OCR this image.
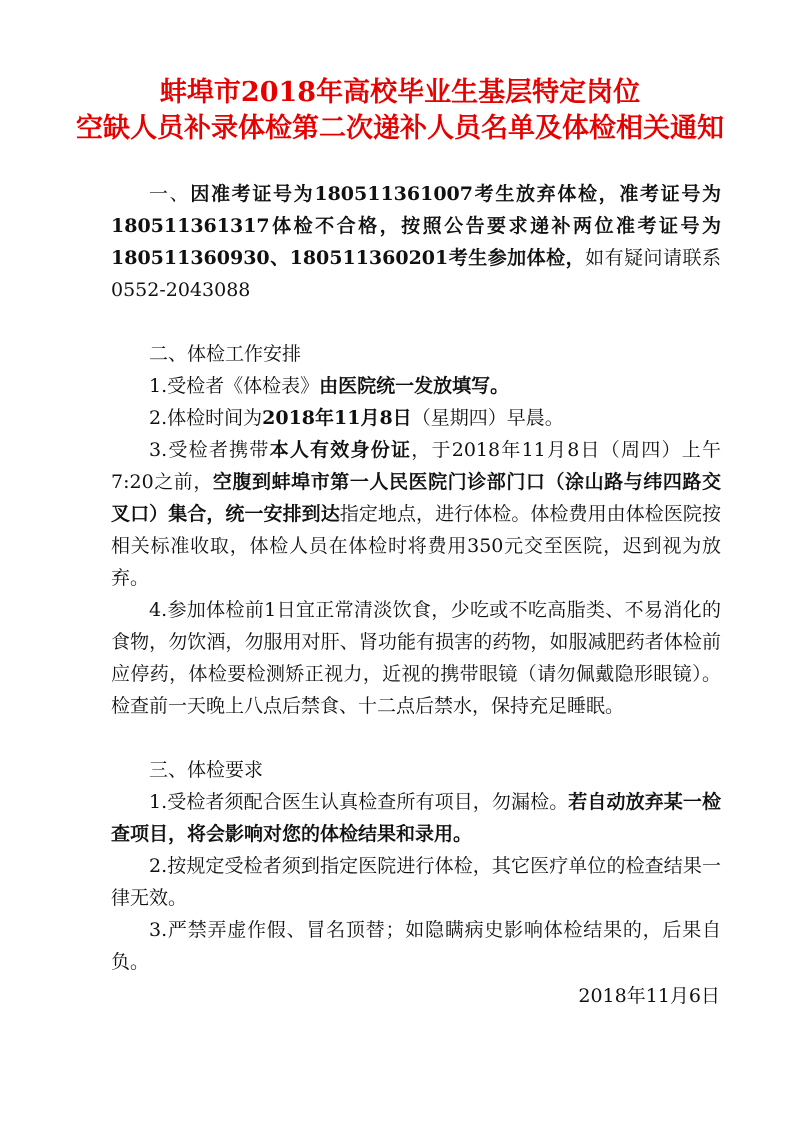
蚌埠市2018年高校毕业生基层特定岗位
空缺人员补录体检第二次递补人员名单及体检相关通知

一、因准考证号为180511361007考生放弃体检，准考证号为180511361317体检不合格，按照公告要求递补两位准考证号为180511360930、180511360201考生参加体检，如有疑问请联系0552-2043088

二、体检工作安排

1.受检者《体检表》由医院统一发放填写。

2.体检时间为2018年11月8日（星期四）早晨。

3.受检者携带本人有效身份证，于2018年11月8日（周四）上午7:20之前，空腹到蚌埠市第一人民医院门诊部门口（涂山路与纬四路交叉口）集合，统一安排到达指定地点，进行体检。体检费用由体检医院按相关标准收取，体检人员在体检时将费用350元交至医院，迟到视为放弃。

4.参加体检前1日宜正常清淡饮食，少吃或不吃高脂类、不易消化的食物，勿饮酒，勿服用对肝、肾功能有损害的药物，如服减肥药者体检前应停药，体检要检测矫正视力，近视的携带眼镜（请勿佩戴隐形眼镜）。检查前一天晚上八点后禁食、十二点后禁水，保持充足睡眠。

三、体检要求

1.受检者须配合医生认真检查所有项目，勿漏检。若自动放弃某一检查项目，将会影响对您的体检结果和录用。

2.按规定受检者须到指定医院进行体检，其它医疗单位的检查结果一律无效。

3.严禁弄虚作假、冒名顶替；如隐瞒病史影响体检结果的，后果自负。

2018年11月6日
